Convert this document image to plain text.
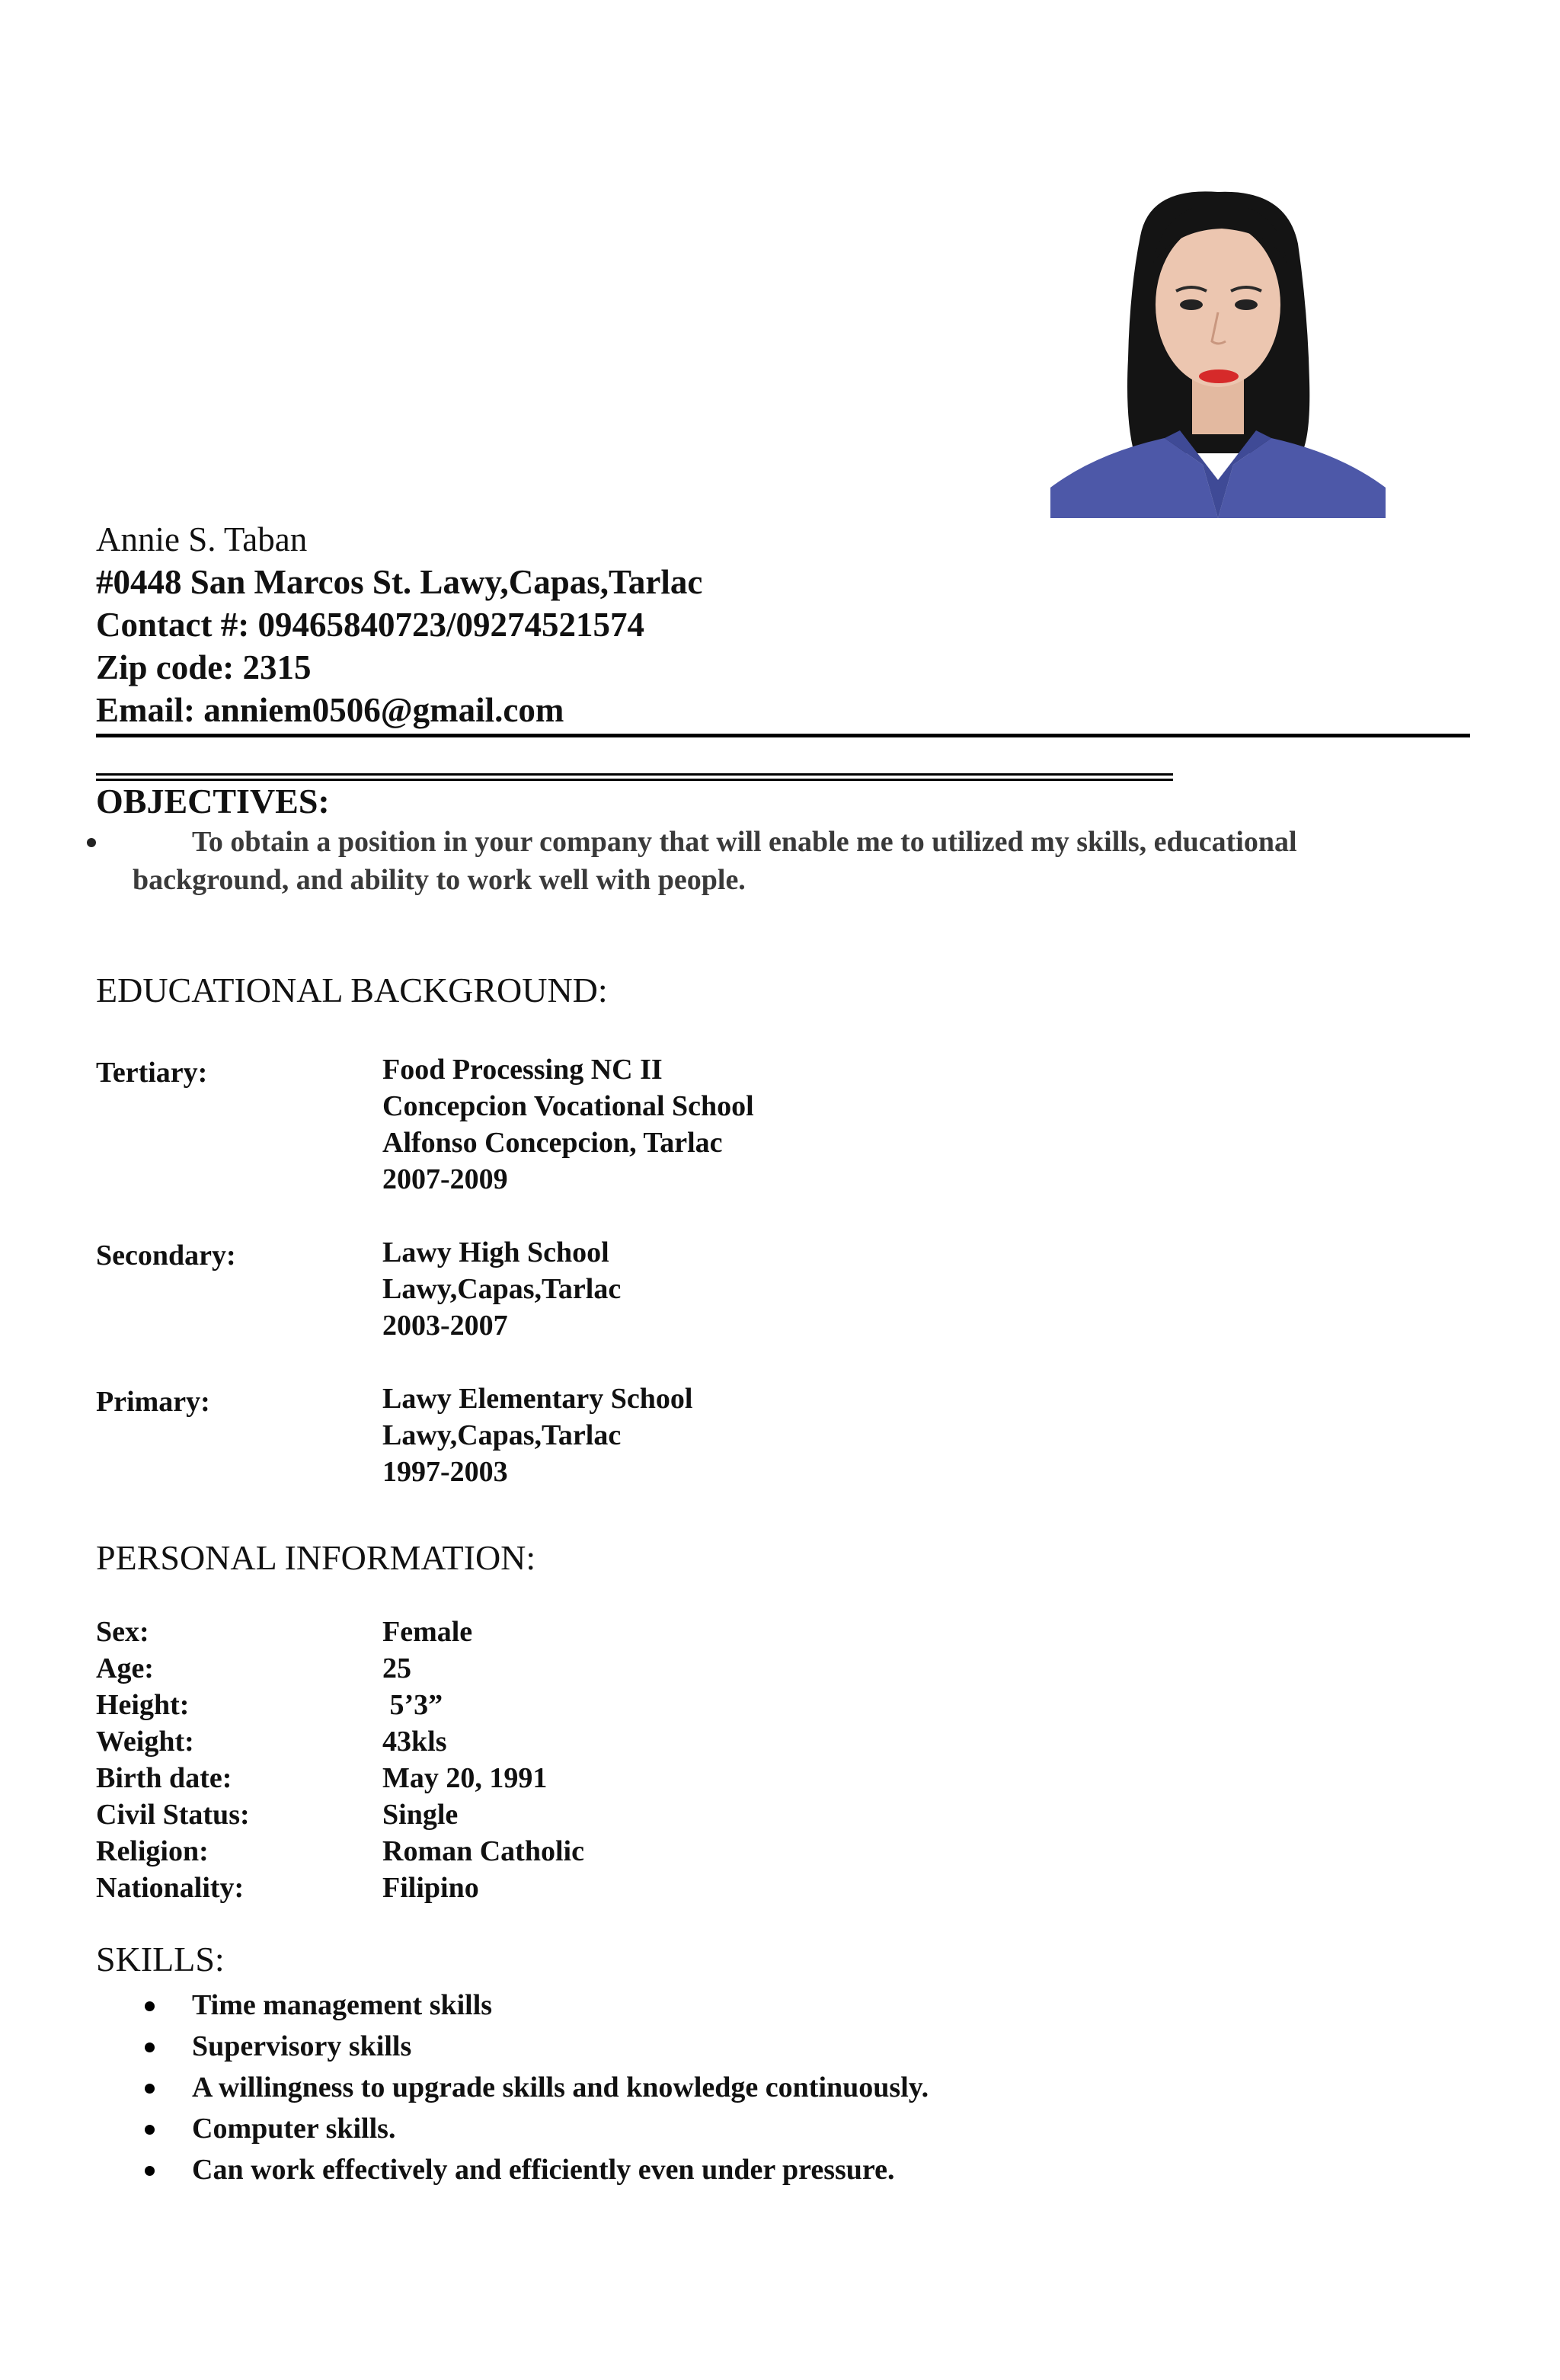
Annie S. Taban
#0448 San Marcos St. Lawy,Capas,Tarlac
Contact #: 09465840723/09274521574
Zip code: 2315
Email: anniem0506@gmail.com
OBJECTIVES:
To obtain a position in your company that will enable me to utilized my skills, educational background, and ability to work well with people.
EDUCATIONAL BACKGROUND:
Tertiary:	Food Processing NC II
Concepcion Vocational School
Alfonso Concepcion, Tarlac
2007-2009
Secondary:	Lawy High School
Lawy,Capas,Tarlac
2003-2007
Primary:	Lawy Elementary School
Lawy,Capas,Tarlac
1997-2003
PERSONAL INFORMATION:
Sex:	Female
Age:	25
Height:	5’3”
Weight:	43kls
Birth date:	May 20, 1991
Civil Status:	Single
Religion:	Roman Catholic
Nationality:	Filipino
SKILLS:
Time management skills
Supervisory skills
A willingness to upgrade skills and knowledge continuously.
Computer skills.
Can work effectively and efficiently even under pressure.
